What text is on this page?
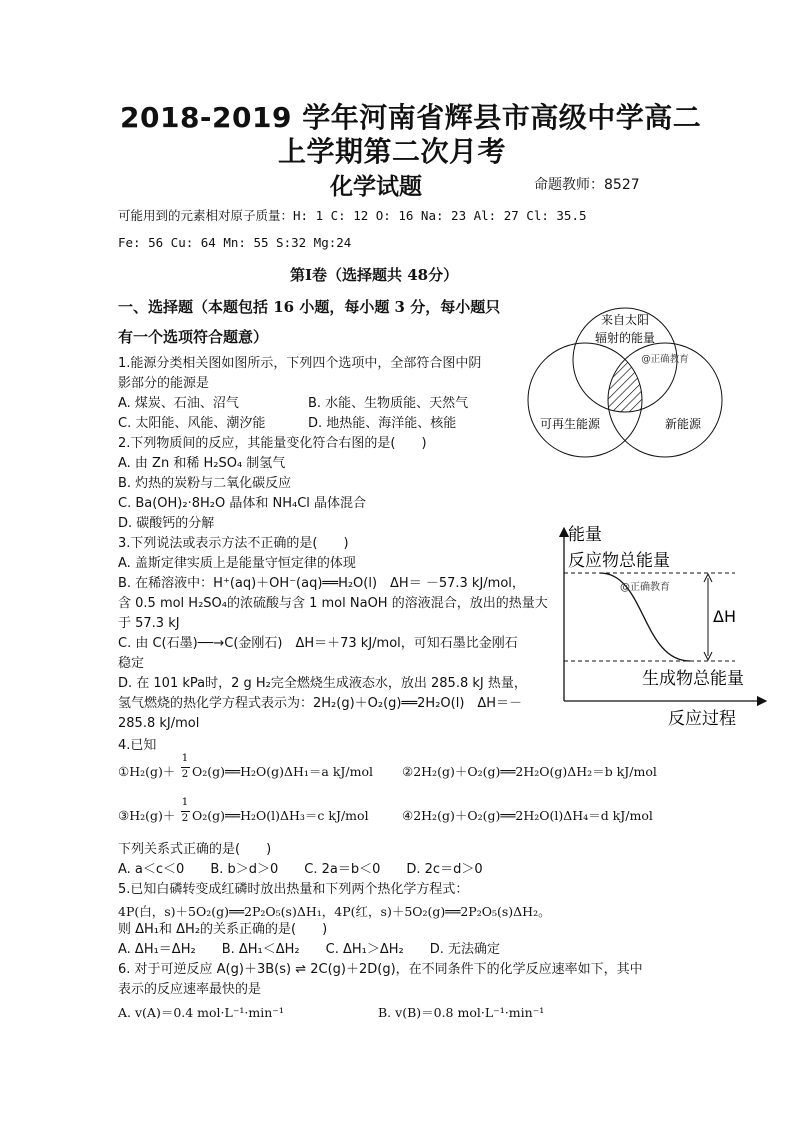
2018-2019 学年河南省辉县市高级中学高二
上学期第二次月考
化学试题	命题教师：8527
可能用到的元素相对原子质量：H: 1 C: 12 O: 16 Na: 23 Al: 27 Cl: 35.5
Fe: 56 Cu: 64 Mn: 55 S:32 Mg:24
第Ⅰ卷（选择题共 48分）
一、选择题（本题包括 16 小题，每小题 3 分，每小题只
有一个选项符合题意）
来自太阳
辐射的能量
@正确教育
可再生能源	新能源
能量
反应物总能量
@正确教育
ΔH
生成物总能量
反应过程
1.能源分类相关图如图所示，下列四个选项中，全部符合图中阴
影部分的能源是
A. 煤炭、石油、沼气	B. 水能、生物质能、天然气
C. 太阳能、风能、潮汐能	D. 地热能、海洋能、核能
2.下列物质间的反应，其能量变化符合右图的是(　　)
A. 由 Zn 和稀 H₂SO₄ 制氢气
B. 灼热的炭粉与二氧化碳反应
C. Ba(OH)₂·8H₂O 晶体和 NH₄Cl 晶体混合
D. 碳酸钙的分解
3.下列说法或表示方法不正确的是(　　)
A. 盖斯定律实质上是能量守恒定律的体现
B. 在稀溶液中：H⁺(aq)＋OH⁻(aq)══H₂O(l)　ΔH＝ －57.3 kJ/mol，
含 0.5 mol H₂SO₄的浓硫酸与含 1 mol NaOH 的溶液混合，放出的热量大
于 57.3 kJ
C. 由 C(石墨)──→C(金刚石)　ΔH＝＋73 kJ/mol，可知石墨比金刚石
稳定
D. 在 101 kPa时，2 g H₂完全燃烧生成液态水，放出 285.8 kJ 热量，
氢气燃烧的热化学方程式表示为：2H₂(g)＋O₂(g)══2H₂O(l)　ΔH＝－
285.8 kJ/mol
4.已知
①H₂(g)＋
1
2 O₂(g)══H₂O(g)ΔH₁＝a kJ/mol ②2H₂(g)＋O₂(g)══2H₂O(g)ΔH₂＝b kJ/mol
③H₂(g)＋
1
2 O₂(g)══H₂O(l)ΔH₃＝c kJ/mol	④2H₂(g)＋O₂(g)══2H₂O(l)ΔH₄＝d kJ/mol
下列关系式正确的是(　　)
A. a＜c＜0　　B. b＞d＞0　　C. 2a＝b＜0　　D. 2c＝d＞0
5.已知白磷转变成红磷时放出热量和下列两个热化学方程式：
4P(白，s)＋5O₂(g)══2P₂O₅(s)ΔH₁，4P(红，s)＋5O₂(g)══2P₂O₅(s)ΔH₂。
则 ΔH₁和 ΔH₂的关系正确的是(　　)
A. ΔH₁＝ΔH₂　　B. ΔH₁＜ΔH₂　　C. ΔH₁＞ΔH₂　　D. 无法确定
6. 对于可逆反应 A(g)＋3B(s) ⇌ 2C(g)＋2D(g)，在不同条件下的化学反应速率如下，其中
表示的反应速率最快的是
A. v(A)＝0.4 mol·L⁻¹·min⁻¹	B. v(B)＝0.8 mol·L⁻¹·min⁻¹
